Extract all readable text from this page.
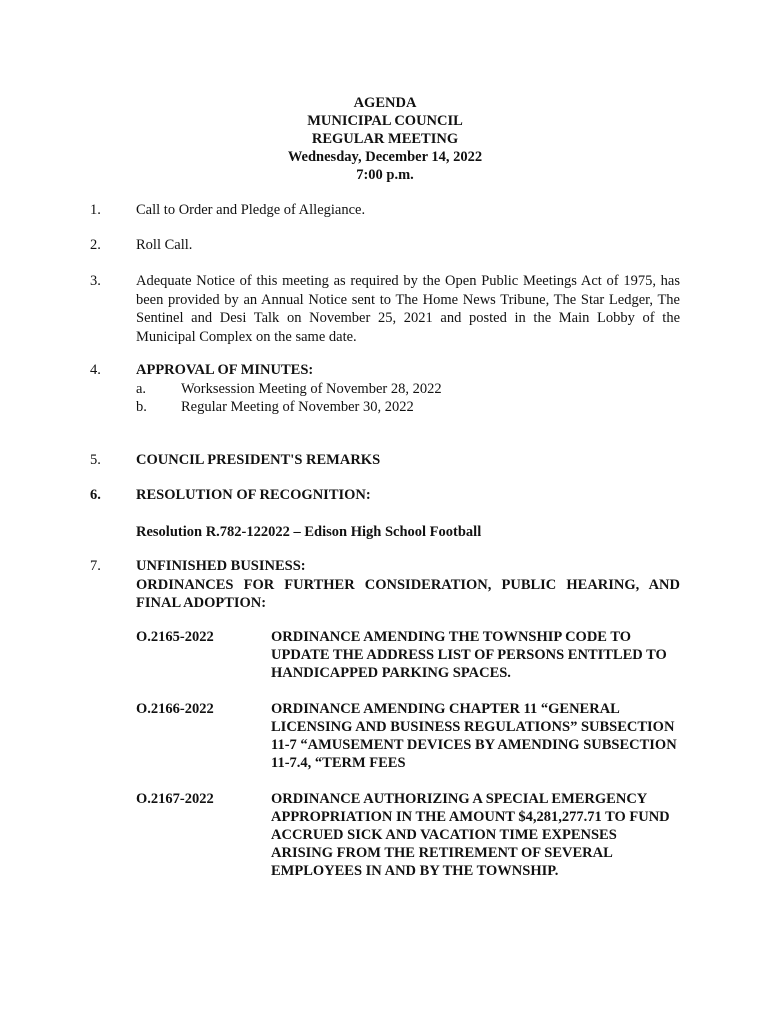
AGENDA
MUNICIPAL COUNCIL
REGULAR MEETING
Wednesday, December 14, 2022
7:00 p.m.
1. Call to Order and Pledge of Allegiance.
2. Roll Call.
3. Adequate Notice of this meeting as required by the Open Public Meetings Act of 1975, has been provided by an Annual Notice sent to The Home News Tribune, The Star Ledger, The Sentinel and Desi Talk on November 25, 2021 and posted in the Main Lobby of the Municipal Complex on the same date.
4. APPROVAL OF MINUTES:
a. Worksession Meeting of November 28, 2022
b. Regular Meeting of November 30, 2022
5. COUNCIL PRESIDENT'S REMARKS
6. RESOLUTION OF RECOGNITION:
Resolution R.782-122022 – Edison High School Football
7. UNFINISHED BUSINESS:
ORDINANCES FOR FURTHER CONSIDERATION, PUBLIC HEARING, AND FINAL ADOPTION:
O.2165-2022	ORDINANCE AMENDING THE TOWNSHIP CODE TO UPDATE THE ADDRESS LIST OF PERSONS ENTITLED TO HANDICAPPED PARKING SPACES.
O.2166-2022	ORDINANCE AMENDING CHAPTER 11 “GENERAL LICENSING AND BUSINESS REGULATIONS” SUBSECTION 11-7 “AMUSEMENT DEVICES BY AMENDING SUBSECTION 11-7.4, “TERM FEES
O.2167-2022	ORDINANCE AUTHORIZING A SPECIAL EMERGENCY APPROPRIATION IN THE AMOUNT $4,281,277.71 TO FUND ACCRUED SICK AND VACATION TIME EXPENSES ARISING FROM THE RETIREMENT OF SEVERAL EMPLOYEES IN AND BY THE TOWNSHIP.
